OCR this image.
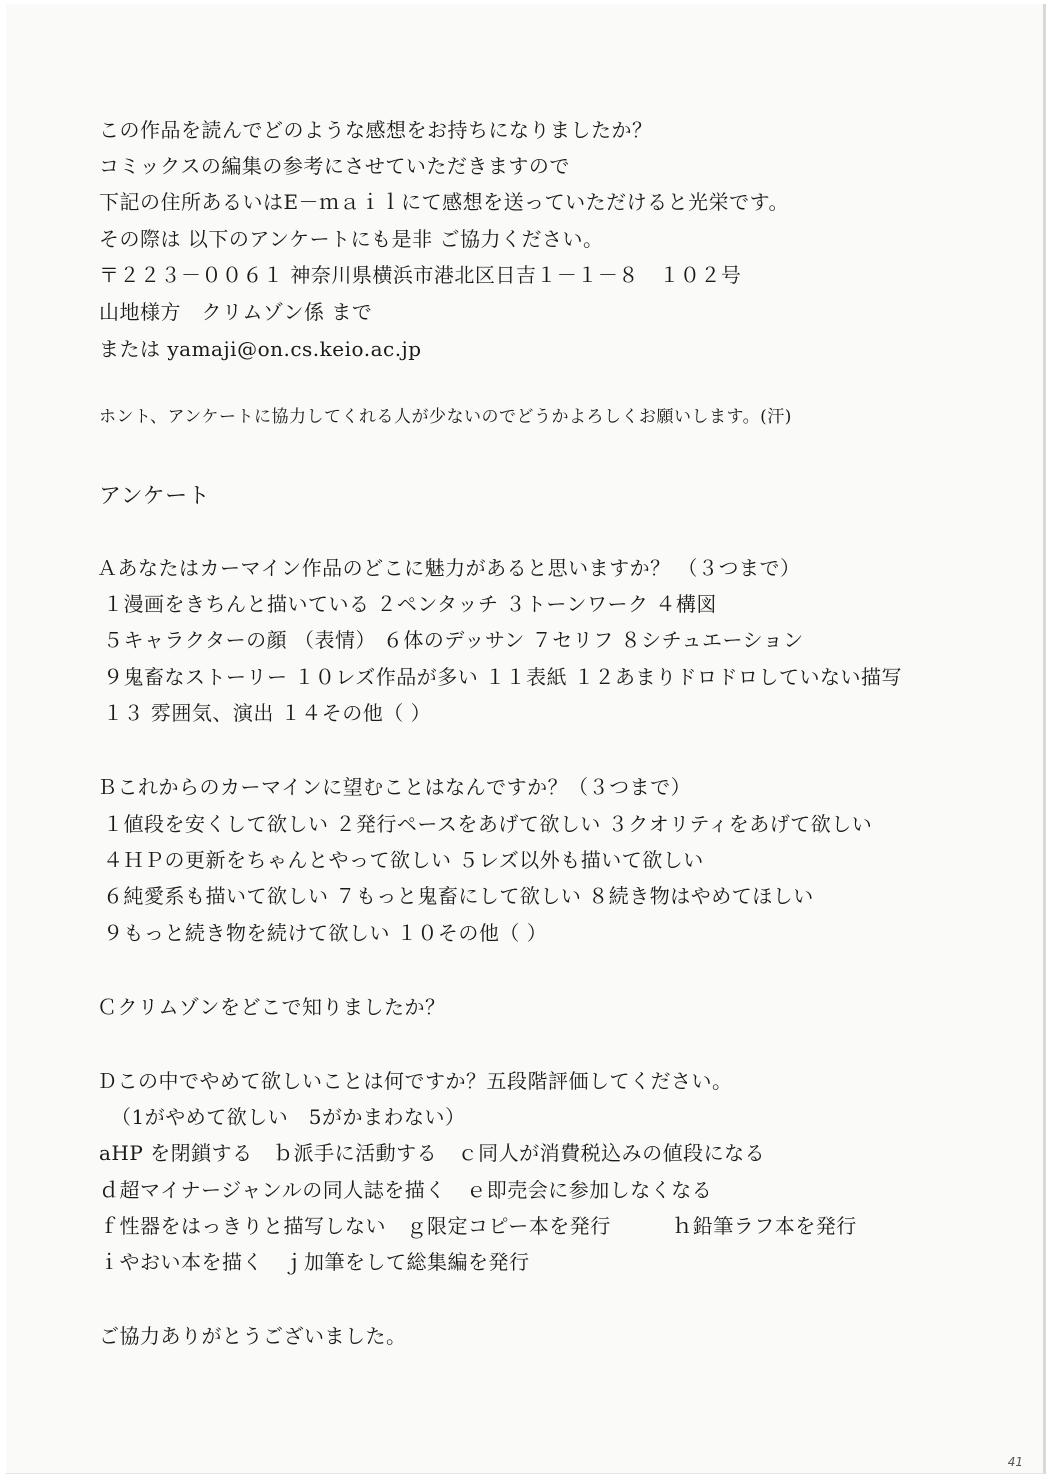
この作品を読んでどのような感想をお持ちになりましたか？
コミックスの編集の参考にさせていただきますので
下記の住所あるいはE－ｍａｉｌにて感想を送っていただけると光栄です。
その際は 以下のアンケートにも是非 ご協力ください。
〒２２３－００６１ 神奈川県横浜市港北区日吉１－１－８　１０２号
山地様方　クリムゾン係 まで
または yamaji@on.cs.keio.ac.jp
ホント、アンケートに協力してくれる人が少ないのでどうかよろしくお願いします。(汗)
アンケート
Ａあなたはカーマイン作品のどこに魅力があると思いますか？ （３つまで）
１漫画をきちんと描いている ２ペンタッチ ３トーンワーク ４構図
５キャラクターの顔 （表情） ６体のデッサン ７セリフ ８シチュエーション
９鬼畜なストーリー １０レズ作品が多い １１表紙 １２あまりドロドロしていない描写
１３ 雰囲気、演出 １４その他（ ）
Ｂこれからのカーマインに望むことはなんですか？（３つまで）
１値段を安くして欲しい ２発行ペースをあげて欲しい ３クオリティをあげて欲しい
４ＨＰの更新をちゃんとやって欲しい ５レズ以外も描いて欲しい
６純愛系も描いて欲しい ７もっと鬼畜にして欲しい ８続き物はやめてほしい
９もっと続き物を続けて欲しい １０その他（ ）
Ｃクリムゾンをどこで知りましたか？
Ｄこの中でやめて欲しいことは何ですか？五段階評価してください。
（1がやめて欲しい　5がかまわない）
aHP を閉鎖する　ｂ派手に活動する　ｃ同人が消費税込みの値段になる
ｄ超マイナージャンルの同人誌を描く　ｅ即売会に参加しなくなる
ｆ性器をはっきりと描写しない　ｇ限定コピー本を発行　　　ｈ鉛筆ラフ本を発行
ｉやおい本を描く　ｊ加筆をして総集編を発行
ご協力ありがとうございました。
41
